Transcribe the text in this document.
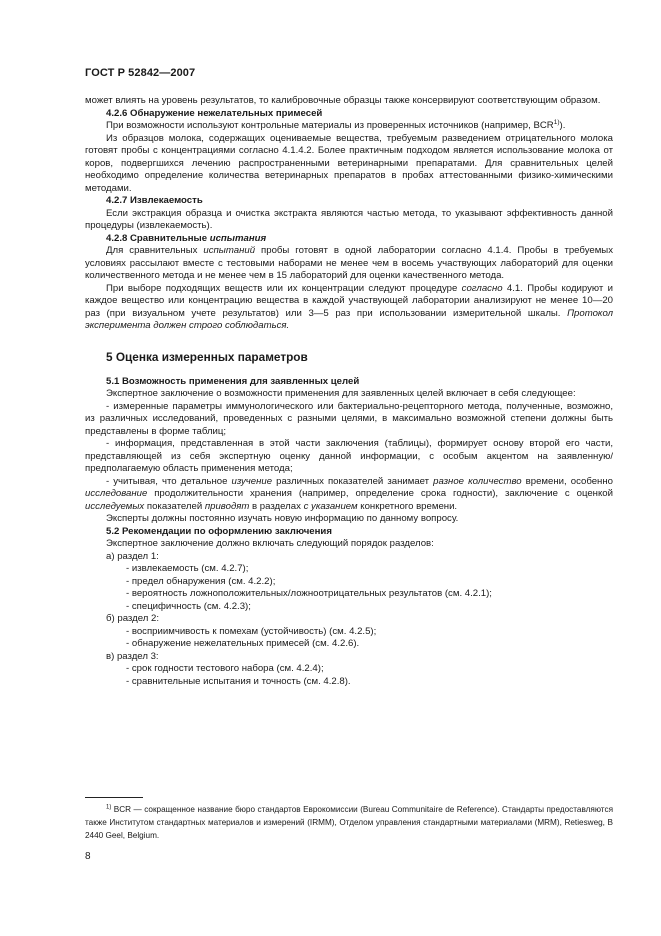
ГОСТ Р 52842—2007

может влиять на уровень результатов, то калибровочные образцы также консервируют соответствующим образом.

4.2.6 Обнаружение нежелательных примесей

При возможности используют контрольные материалы из проверенных источников (например, BCR$^{1)}$).

Из образцов молока, содержащих оцениваемые вещества, требуемым разведением отрицательного молока готовят пробы с концентрациями согласно 4.1.4.2. Более практичным подходом является использование молока от коров, подвергшихся лечению распространенными ветеринарными препаратами. Для сравнительных целей необходимо определение количества ветеринарных препаратов в пробах аттестованными физико-химическими методами.

4.2.7 Извлекаемость

Если экстракция образца и очистка экстракта являются частью метода, то указывают эффективность данной процедуры (извлекаемость).

4.2.8 Сравнительные испытания

Для сравнительных испытаний пробы готовят в одной лаборатории согласно 4.1.4. Пробы в требуемых условиях рассылают вместе с тестовыми наборами не менее чем в восемь участвующих лабораторий для оценки количественного метода и не менее чем в 15 лабораторий для оценки качественного метода.

При выборе подходящих веществ или их концентрации следуют процедуре согласно 4.1. Пробы кодируют и каждое вещество или концентрацию вещества в каждой участвующей лаборатории анализируют не менее 10—20 раз (при визуальном учете результатов) или 3—5 раз при использовании измерительной шкалы. Протокол эксперимента должен строго соблюдаться.

5 Оценка измеренных параметров

5.1 Возможность применения для заявленных целей

Экспертное заключение о возможности применения для заявленных целей включает в себя следующее:

- измеренные параметры иммунологического или бактериально-рецепторного метода, полученные, возможно, из различных исследований, проведенных с разными целями, в максимально возможной степени должны быть представлены в форме таблиц;

- информация, представленная в этой части заключения (таблицы), формирует основу второй его части, представляющей из себя экспертную оценку данной информации, с особым акцентом на заявленную/ предполагаемую область применения метода;

- учитывая, что детальное изучение различных показателей занимает разное количество времени, особенно исследование продолжительности хранения (например, определение срока годности), заключение с оценкой исследуемых показателей приводят в разделах с указанием конкретного времени.

Эксперты должны постоянно изучать новую информацию по данному вопросу.

5.2 Рекомендации по оформлению заключения

Экспертное заключение должно включать следующий порядок разделов:

а) раздел 1:

- извлекаемость (см. 4.2.7);

- предел обнаружения (см. 4.2.2);

- вероятность ложноположительных/ложноотрицательных результатов (см. 4.2.1);

- специфичность (см. 4.2.3);

б) раздел 2:

- восприимчивость к помехам (устойчивость) (см. 4.2.5);

- обнаружение нежелательных примесей (см. 4.2.6).

в) раздел 3:

- срок годности тестового набора (см. 4.2.4);

- сравнительные испытания и точность (см. 4.2.8).

$^{1)}$ BCR — сокращенное название бюро стандартов Еврокомиссии (Bureau Communitaire de Reference). Стандарты предоставляются также Институтом стандартных материалов и измерений (IRMM), Отделом управления стандартными материалами (MRM), Retiesweg, B 2440 Geel, Belgium.
8
